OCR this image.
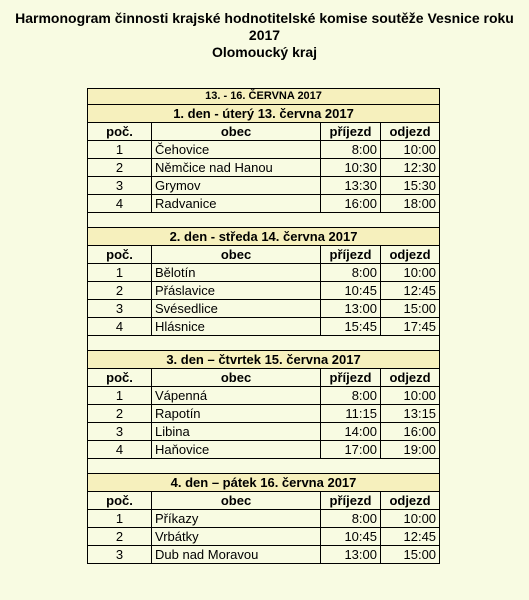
Harmonogram činnosti krajské hodnotitelské komise soutěže Vesnice roku
2017
Olomoucký kraj
13. - 16. ČERVNA 2017			
1. den - úterý 13. června 2017			
poč.	obec	příjezd	odjezd
1	Čehovice	8:00	10:00
2	Němčice nad Hanou	10:30	12:30
3	Grymov	13:30	15:30
4	Radvanice	16:00	18:00

2. den - středa 14. června 2017			
poč.	obec	příjezd	odjezd
1	Bělotín	8:00	10:00
2	Přáslavice	10:45	12:45
3	Svésedlice	13:00	15:00
4	Hlásnice	15:45	17:45

3. den – čtvrtek 15. června 2017			
poč.	obec	příjezd	odjezd
1	Vápenná	8:00	10:00
2	Rapotín	11:15	13:15
3	Libina	14:00	16:00
4	Haňovice	17:00	19:00

4. den – pátek 16. června 2017			
poč.	obec	příjezd	odjezd
1	Příkazy	8:00	10:00
2	Vrbátky	10:45	12:45
3	Dub nad Moravou	13:00	15:00
